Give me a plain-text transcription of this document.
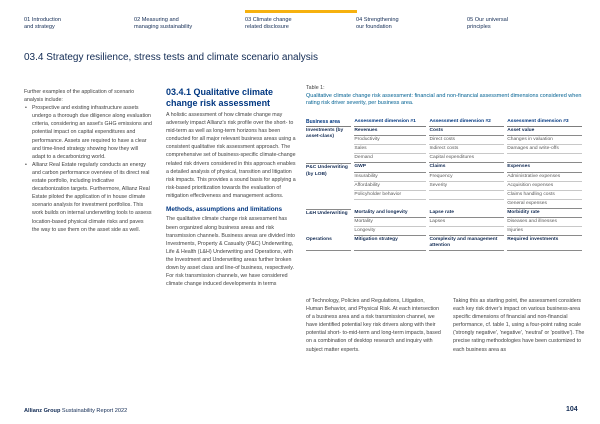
01 Introduction
and strategy
02 Measuring and
managing sustainability
03 Climate change
related disclosure
04 Strengthening
our foundation
05 Our universal
principles
03.4 Strategy resilience, stress tests and climate scenario analysis

Further examples of the application of scenario analysis include:

• Prospective and existing infrastructure assets undergo a thorough due diligence along evaluation criteria, considering an asset's GHG emissions and potential impact on capital expenditures and performance. Assets are required to have a clear and time-lined strategy showing how they will adapt to a decarbonizing world.
• Allianz Real Estate regularly conducts an energy and carbon performance overview of its direct real estate portfolio, including indicative decarbonization targets. Furthermore, Allianz Real Estate piloted the application of in house climate scenario analysis for investment portfolios. This work builds on internal underwriting tools to assess location-based physical climate risks and paves the way to use them on the asset side as well.
03.4.1 Qualitative climate change risk assessment

A holistic assessment of how climate change may adversely impact Allianz's risk profile over the short- to mid-term as well as long-term horizons has been conducted for all major relevant business areas using a consistent qualitative risk assessment approach. The comprehensive set of business-specific climate-change related risk drivers considered in this approach enables a detailed analysis of physical, transition and litigation risk impacts. This provides a sound basis for applying a risk-based prioritization towards the evaluation of mitigation effectiveness and management actions.

Methods, assumptions and limitations

The qualitative climate change risk assessment has been organized along business areas and risk transmission channels. Business areas are divided into Investments, Property & Casualty (P&C) Underwriting, Life & Health (L&H) Underwriting and Operations, with the Investment and Underwriting areas further broken down by asset class and line-of business, respectively. For risk transmission channels, we have considered climate change induced developments in terms

Table 1:
Qualitative climate change risk assessment: financial and non-financial assessment dimensions considered when rating risk driver severity, per business area.
Business area	Assessment dimension #1	Assessment dimension #2	Assessment dimension #3
Investments (by asset-class)	Revenues	Costs	Asset value
	Productivity	Direct costs	Changes in valuation
	Sales	Indirect costs	Damages and write-offs
	Demand	Capital expenditures	
P&C Underwriting (by LOB)	GWP	Claims	Expenses
	Insurability	Frequency	Administrative expenses
	Affordability	Severity	Acquisition expenses
	Policyholder behavior		Claims handling costs
			General expenses
L&H Underwriting	Mortality and longevity	Lapse rate	Morbidity rate
	Mortality	Lapses	Diseases and illnesses
	Longevity		Injuries
Operations	Mitigation strategy	Complexity and management attention	Required investments

of Technology, Policies and Regulations, Litigation, Human Behavior, and Physical Risk. At each intersection of a business area and a risk transmission channel, we have identified potential key risk drivers along with their potential short- to-mid-term and long-term impacts, based on a combination of desktop research and inquiry with subject matter experts.

Taking this as starting point, the assessment considers each key risk driver's impact on various business-area specific dimensions of financial and non-financial performance, cf. table 1, using a four-point rating scale ('strongly negative', 'negative', 'neutral' or 'positive'). The precise rating methodologies have been customized to each business area as

Allianz Group Sustainability Report 2022	104
